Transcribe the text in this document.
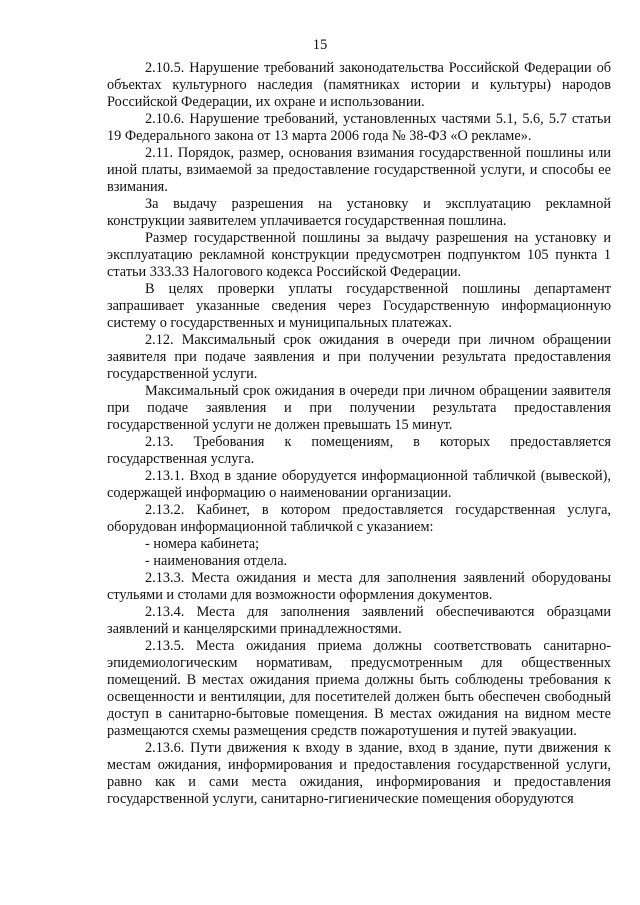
15

2.10.5. Нарушение требований законодательства Российской Федерации об объектах культурного наследия (памятниках истории и культуры) народов Российской Федерации, их охране и использовании.

2.10.6. Нарушение требований, установленных частями 5.1, 5.6, 5.7 статьи 19 Федерального закона от 13 марта 2006 года № 38-ФЗ «О рекламе».

2.11. Порядок, размер, основания взимания государственной пошлины или иной платы, взимаемой за предоставление государственной услуги, и способы ее взимания.

За выдачу разрешения на установку и эксплуатацию рекламной конструкции заявителем уплачивается государственная пошлина.

Размер государственной пошлины за выдачу разрешения на установку и эксплуатацию рекламной конструкции предусмотрен подпунктом 105 пункта 1 статьи 333.33 Налогового кодекса Российской Федерации.

В целях проверки уплаты государственной пошлины департамент запрашивает указанные сведения через Государственную информационную систему о государственных и муниципальных платежах.

2.12. Максимальный срок ожидания в очереди при личном обращении заявителя при подаче заявления и при получении результата предоставления государственной услуги.

Максимальный срок ожидания в очереди при личном обращении заявителя при подаче заявления и при получении результата предоставления государственной услуги не должен превышать 15 минут.

2.13. Требования к помещениям, в которых предоставляется государственная услуга.

2.13.1. Вход в здание оборудуется информационной табличкой (вывеской), содержащей информацию о наименовании организации.

2.13.2. Кабинет, в котором предоставляется государственная услуга, оборудован информационной табличкой с указанием:

- номера кабинета;

- наименования отдела.

2.13.3. Места ожидания и места для заполнения заявлений оборудованы стульями и столами для возможности оформления документов.

2.13.4. Места для заполнения заявлений обеспечиваются образцами заявлений и канцелярскими принадлежностями.

2.13.5. Места ожидания приема должны соответствовать санитарно-эпидемиологическим нормативам, предусмотренным для общественных помещений. В местах ожидания приема должны быть соблюдены требования к освещенности и вентиляции, для посетителей должен быть обеспечен свободный доступ в санитарно-бытовые помещения. В местах ожидания на видном месте размещаются схемы размещения средств пожаротушения и путей эвакуации.

2.13.6. Пути движения к входу в здание, вход в здание, пути движения к местам ожидания, информирования и предоставления государственной услуги, равно как и сами места ожидания, информирования и предоставления государственной услуги, санитарно-гигиенические помещения оборудуются
